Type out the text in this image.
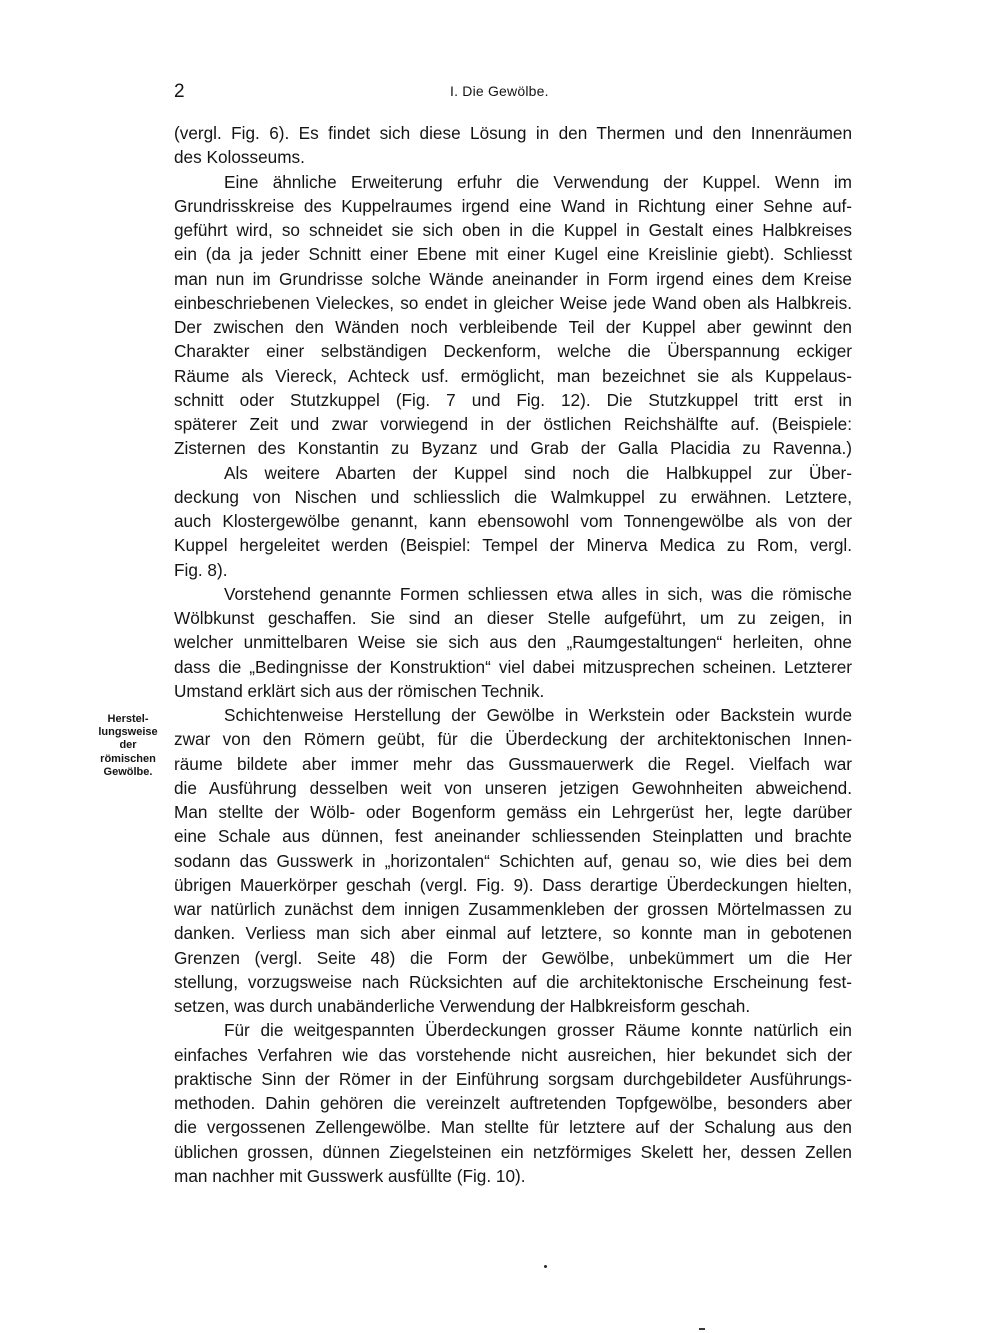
2	I. Die Gewölbe.
Herstel-
lungsweise
der
römischen
Gewölbe.
(vergl. Fig. 6). Es findet sich diese Lösung in den Thermen und den Innenräumen
des Kolosseums.
Eine ähnliche Erweiterung erfuhr die Verwendung der Kuppel. Wenn im
Grundrisskreise des Kuppelraumes irgend eine Wand in Richtung einer Sehne auf-
geführt wird, so schneidet sie sich oben in die Kuppel in Gestalt eines Halbkreises
ein (da ja jeder Schnitt einer Ebene mit einer Kugel eine Kreislinie giebt). Schliesst
man nun im Grundrisse solche Wände aneinander in Form irgend eines dem Kreise
einbeschriebenen Vieleckes, so endet in gleicher Weise jede Wand oben als Halbkreis.
Der zwischen den Wänden noch verbleibende Teil der Kuppel aber gewinnt den
Charakter einer selbständigen Deckenform, welche die Überspannung eckiger
Räume als Viereck, Achteck usf. ermöglicht, man bezeichnet sie als Kuppelaus-
schnitt oder Stutzkuppel (Fig. 7 und Fig. 12). Die Stutzkuppel tritt erst in
späterer Zeit und zwar vorwiegend in der östlichen Reichshälfte auf. (Beispiele:
Zisternen des Konstantin zu Byzanz und Grab der Galla Placidia zu Ravenna.)
Als weitere Abarten der Kuppel sind noch die Halbkuppel zur Über-
deckung von Nischen und schliesslich die Walmkuppel zu erwähnen. Letztere,
auch Klostergewölbe genannt, kann ebensowohl vom Tonnengewölbe als von der
Kuppel hergeleitet werden (Beispiel: Tempel der Minerva Medica zu Rom, vergl.
Fig. 8).
Vorstehend genannte Formen schliessen etwa alles in sich, was die römische
Wölbkunst geschaffen. Sie sind an dieser Stelle aufgeführt, um zu zeigen, in
welcher unmittelbaren Weise sie sich aus den „Raumgestaltungen“ herleiten, ohne
dass die „Bedingnisse der Konstruktion“ viel dabei mitzusprechen scheinen. Letzterer
Umstand erklärt sich aus der römischen Technik.
Schichtenweise Herstellung der Gewölbe in Werkstein oder Backstein wurde
zwar von den Römern geübt, für die Überdeckung der architektonischen Innen-
räume bildete aber immer mehr das Gussmauerwerk die Regel. Vielfach war
die Ausführung desselben weit von unseren jetzigen Gewohnheiten abweichend.
Man stellte der Wölb- oder Bogenform gemäss ein Lehrgerüst her, legte darüber
eine Schale aus dünnen, fest aneinander schliessenden Steinplatten und brachte
sodann das Gusswerk in „horizontalen“ Schichten auf, genau so, wie dies bei dem
übrigen Mauerkörper geschah (vergl. Fig. 9). Dass derartige Überdeckungen hielten,
war natürlich zunächst dem innigen Zusammenkleben der grossen Mörtelmassen zu
danken. Verliess man sich aber einmal auf letztere, so konnte man in gebotenen
Grenzen (vergl. Seite 48) die Form der Gewölbe, unbekümmert um die Her
stellung, vorzugsweise nach Rücksichten auf die architektonische Erscheinung fest-
setzen, was durch unabänderliche Verwendung der Halbkreisform geschah.
Für die weitgespannten Überdeckungen grosser Räume konnte natürlich ein
einfaches Verfahren wie das vorstehende nicht ausreichen, hier bekundet sich der
praktische Sinn der Römer in der Einführung sorgsam durchgebildeter Ausführungs-
methoden. Dahin gehören die vereinzelt auftretenden Topfgewölbe, besonders aber
die vergossenen Zellengewölbe. Man stellte für letztere auf der Schalung aus den
üblichen grossen, dünnen Ziegelsteinen ein netzförmiges Skelett her, dessen Zellen
man nachher mit Gusswerk ausfüllte (Fig. 10).
